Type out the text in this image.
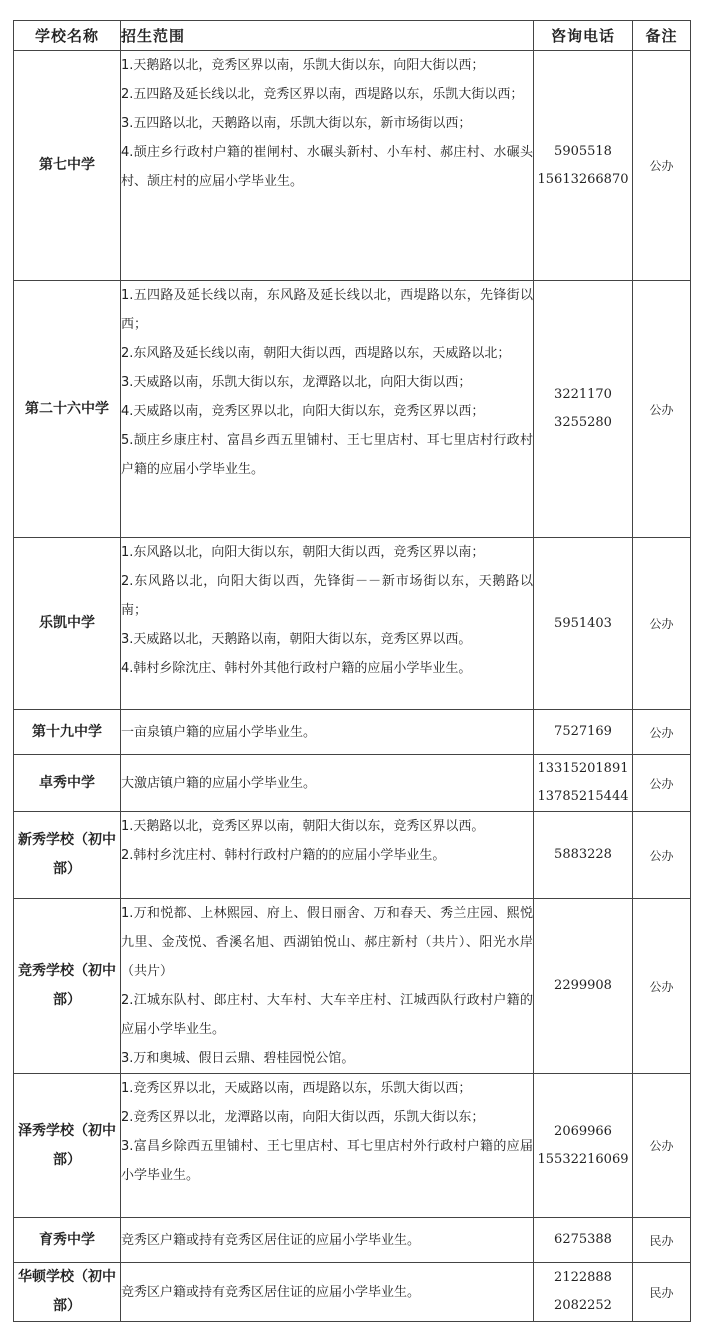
学校名称	招生范围	咨询电话	备注
第七中学	1.天鹅路以北，竞秀区界以南，乐凯大街以东，向阳大街以西；
2.五四路及延长线以北，竞秀区界以南，西堤路以东，乐凯大街以西；
3.五四路以北，天鹅路以南，乐凯大街以东，新市场街以西；
4.颉庄乡行政村户籍的崔闸村、水碾头新村、小车村、郝庄村、水碾头村、颉庄村的应届小学毕业生。	5905518
15613266870	公办
第二十六中学	1.五四路及延长线以南，东风路及延长线以北，西堤路以东，先锋街以西；
2.东风路及延长线以南，朝阳大街以西，西堤路以东，天威路以北；
3.天威路以南，乐凯大街以东，龙潭路以北，向阳大街以西；
4.天威路以南，竞秀区界以北，向阳大街以东，竞秀区界以西；
5.颉庄乡康庄村、富昌乡西五里铺村、王七里店村、耳七里店村行政村户籍的应届小学毕业生。	3221170
3255280	公办
乐凯中学	1.东风路以北，向阳大街以东，朝阳大街以西，竞秀区界以南；
2.东风路以北，向阳大街以西，先锋街－－新市场街以东，天鹅路以南；
3.天威路以北，天鹅路以南，朝阳大街以东，竞秀区界以西。
4.韩村乡除沈庄、韩村外其他行政村户籍的应届小学毕业生。	5951403	公办
第十九中学	一亩泉镇户籍的应届小学毕业生。	7527169	公办
卓秀中学	大激店镇户籍的应届小学毕业生。	13315201891
13785215444	公办
新秀学校（初中部）	1.天鹅路以北，竞秀区界以南，朝阳大街以东，竞秀区界以西。
2.韩村乡沈庄村、韩村行政村户籍的的应届小学毕业生。	5883228	公办
竞秀学校（初中部）	1.万和悦都、上林熙园、府上、假日丽舍、万和春天、秀兰庄园、熙悦九里、金茂悦、香溪名旭、西湖铂悦山、郝庄新村（共片）、阳光水岸（共片）
2.江城东队村、郎庄村、大车村、大车辛庄村、江城西队行政村户籍的应届小学毕业生。
3.万和奥城、假日云鼎、碧桂园悦公馆。	2299908	公办
泽秀学校（初中部）	1.竞秀区界以北，天威路以南，西堤路以东，乐凯大街以西；
2.竞秀区界以北，龙潭路以南，向阳大街以西，乐凯大街以东；
3.富昌乡除西五里铺村、王七里店村、耳七里店村外行政村户籍的应届小学毕业生。	2069966
15532216069	公办
育秀中学	竞秀区户籍或持有竞秀区居住证的应届小学毕业生。	6275388	民办
华顿学校（初中部）	竞秀区户籍或持有竞秀区居住证的应届小学毕业生。	2122888
2082252	民办
